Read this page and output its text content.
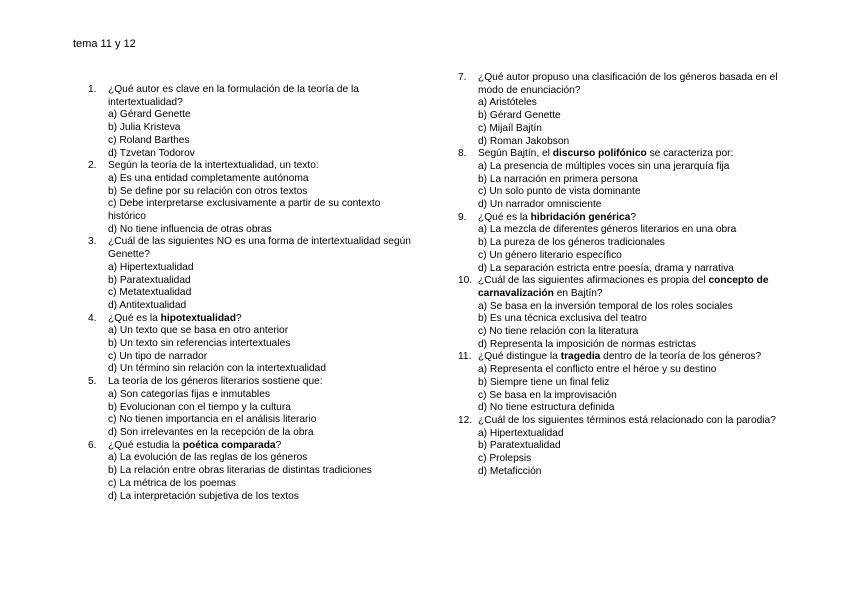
tema 11 y 12
1. ¿Qué autor es clave en la formulación de la teoría de la intertextualidad?
a) Gérard Genette
b) Julia Kristeva
c) Roland Barthes
d) Tzvetan Todorov
2. Según la teoría de la intertextualidad, un texto:
a) Es una entidad completamente autónoma
b) Se define por su relación con otros textos
c) Debe interpretarse exclusivamente a partir de su contexto histórico
d) No tiene influencia de otras obras
3. ¿Cuál de las siguientes NO es una forma de intertextualidad según Genette?
a) Hipertextualidad
b) Paratextualidad
c) Metatextualidad
d) Antitextualidad
4. ¿Qué es la hipotextualidad?
a) Un texto que se basa en otro anterior
b) Un texto sin referencias intertextuales
c) Un tipo de narrador
d) Un término sin relación con la intertextualidad
5. La teoría de los géneros literarios sostiene que:
a) Son categorías fijas e inmutables
b) Evolucionan con el tiempo y la cultura
c) No tienen importancia en el análisis literario
d) Son irrelevantes en la recepción de la obra
6. ¿Qué estudia la poética comparada?
a) La evolución de las reglas de los géneros
b) La relación entre obras literarias de distintas tradiciones
c) La métrica de los poemas
d) La interpretación subjetiva de los textos
7. ¿Qué autor propuso una clasificación de los géneros basada en el modo de enunciación?
a) Aristóteles
b) Gérard Genette
c) Mijaíl Bajtín
d) Roman Jakobson
8. Según Bajtín, el discurso polifónico se caracteriza por:
a) La presencia de múltiples voces sin una jerarquía fija
b) La narración en primera persona
c) Un solo punto de vista dominante
d) Un narrador omnisciente
9. ¿Qué es la hibridación genérica?
a) La mezcla de diferentes géneros literarios en una obra
b) La pureza de los géneros tradicionales
c) Un género literario específico
d) La separación estricta entre poesía, drama y narrativa
10. ¿Cuál de las siguientes afirmaciones es propia del concepto de carnavalización en Bajtín?
a) Se basa en la inversión temporal de los roles sociales
b) Es una técnica exclusiva del teatro
c) No tiene relación con la literatura
d) Representa la imposición de normas estrictas
11. ¿Qué distingue la tragedia dentro de la teoría de los géneros?
a) Representa el conflicto entre el héroe y su destino
b) Siempre tiene un final feliz
c) Se basa en la improvisación
d) No tiene estructura definida
12. ¿Cuál de los siguientes términos está relacionado con la parodia?
a) Hipertextualidad
b) Paratextualidad
c) Prolepsis
d) Metaficción
